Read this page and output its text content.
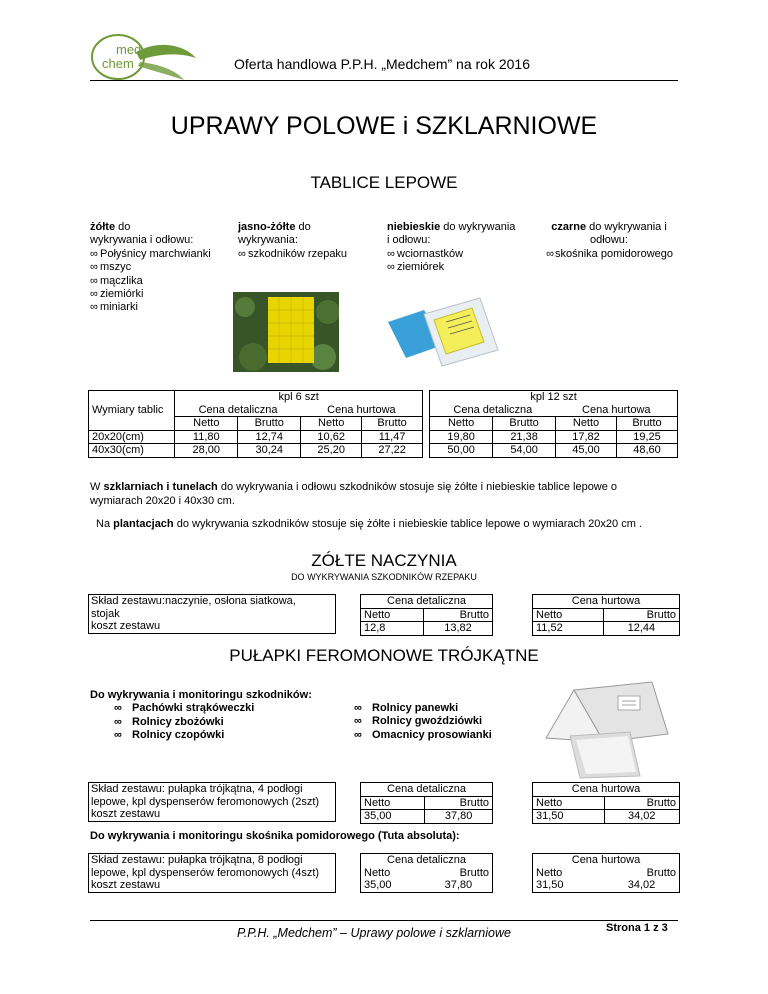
med
chem	Oferta handlowa P.P.H. „Medchem” na rok 2016
UPRAWY POLOWE i SZKLARNIOWE
TABLICE LEPOWE
żółte do
wykrywania i odłowu:
∞ Połyśnicy marchwianki
∞ mszyc
∞ mączlika
∞ ziemiórki
∞ miniarki
jasno-żółte do
wykrywania:
∞ szkodników rzepaku
niebieskie do wykrywania
i odłowu:
∞ wciornastków
∞ ziemiórek
czarne do wykrywania i
odłowu:
∞skośnika pomidorowego
Wymiary tablic	kpl 6 szt					kpl 12 szt			
	Cena detaliczna		Cena hurtowa			Cena detaliczna		Cena hurtowa	
	Netto	Brutto	Netto	Brutto		Netto	Brutto	Netto	Brutto
20x20(cm)	11,80	12,74	10,62	11,47		19,80	21,38	17,82	19,25
40x30(cm)	28,00	30,24	25,20	27,22		50,00	54,00	45,00	48,60
W szklarniach i tunelach do wykrywania i odłowu szkodników stosuje się żółte i niebieskie tablice lepowe o
wymiarach 20x20 i 40x30 cm.
Na plantacjach do wykrywania szkodników stosuje się żółte i niebieskie tablice lepowe o wymiarach 20x20 cm .
ZÓŁTE NACZYNIA
DO WYKRYWANIA SZKODNIKÓW RZEPAKU
Skład zestawu:naczynie, osłona siatkowa,
stojak
koszt zestawu
Cena detaliczna	
Netto	Brutto
12,8	13,82
Cena hurtowa	
Netto	Brutto
11,52	12,44
PUŁAPKI FEROMONOWE TRÓJKĄTNE
Do wykrywania i monitoringu szkodników:
∞ Pachówki strąkóweczki
∞ Rolnicy zbożówki
∞ Rolnicy czopówki
∞ Rolnicy panewki
∞ Rolnicy gwoździówki
∞ Omacnicy prosowianki
Skład zestawu: pułapka trójkątna, 4 podłogi
lepowe, kpl dyspenserów feromonowych (2szt)
koszt zestawu
Cena detaliczna	
Netto	Brutto
35,00	37,80
Cena hurtowa	
Netto	Brutto
31,50	34,02
Do wykrywania i monitoringu skośnika pomidorowego (Tuta absoluta):
Skład zestawu: pułapka trójkątna, 8 podłogi
lepowe, kpl dyspenserów feromonowych (4szt)
koszt zestawu
Cena detaliczna	
Netto	Brutto
35,00	37,80
Cena hurtowa	
Netto	Brutto
31,50	34,02
P.P.H. „Medchem” – Uprawy polowe i szklarniowe	Strona 1 z 3
